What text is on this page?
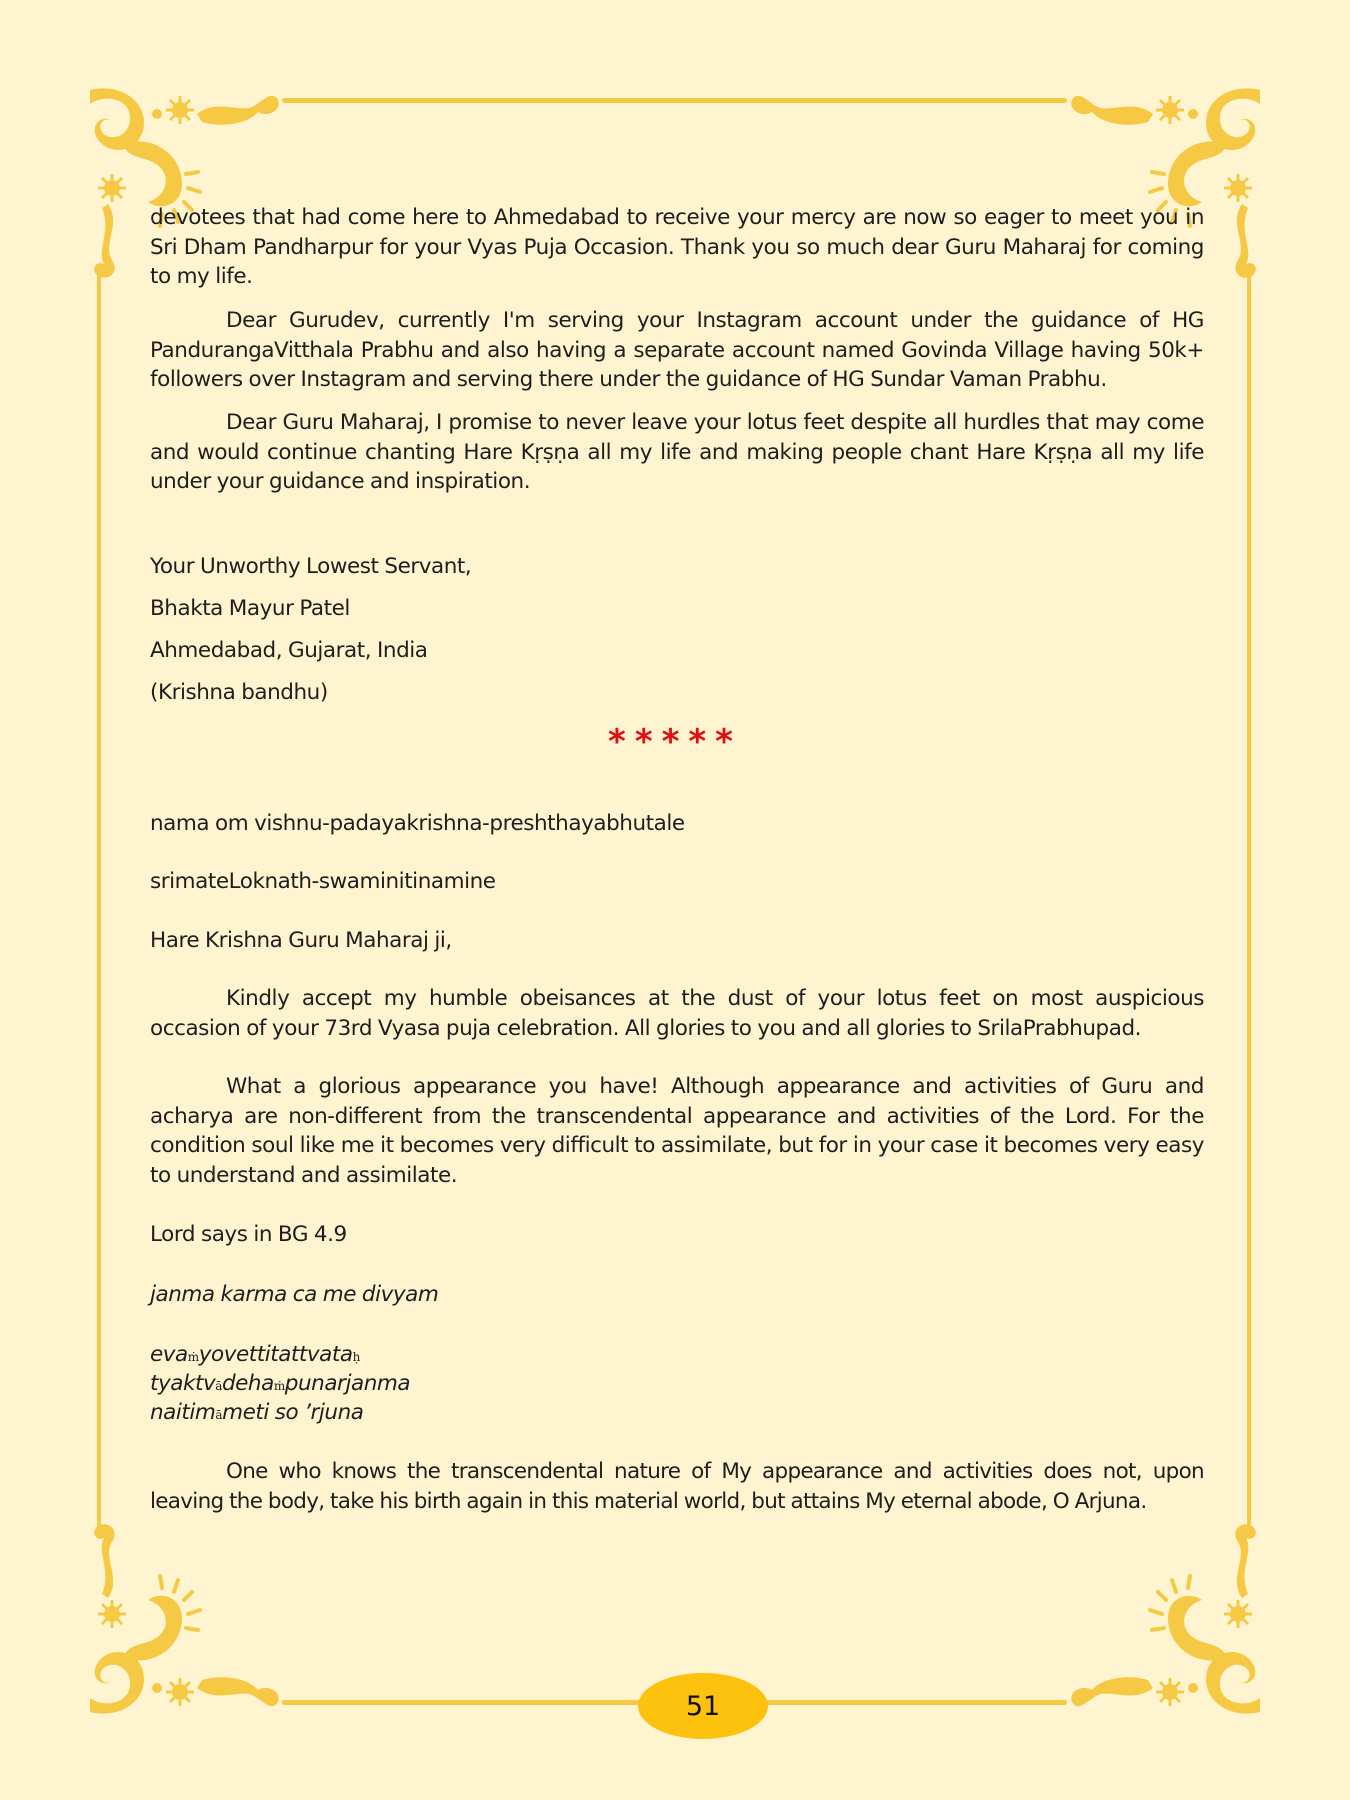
devotees that had come here to Ahmedabad to receive your mercy are now so eager to meet you in Sri Dham Pandharpur for your Vyas Puja Occasion. Thank you so much dear Guru Maharaj for coming to my life.

Dear Gurudev, currently I'm serving your Instagram account under the guidance of HG PandurangaVitthala Prabhu and also having a separate account named Govinda Village having 50k+ followers over Instagram and serving there under the guidance of HG Sundar Vaman Prabhu.

Dear Guru Maharaj, I promise to never leave your lotus feet despite all hurdles that may come and would continue chanting Hare Kṛṣṇa all my life and making people chant Hare Kṛṣṇa all my life under your guidance and inspiration.

Your Unworthy Lowest Servant,
Bhakta Mayur Patel
Ahmedabad, Gujarat, India
(Krishna bandhu)
*****
nama om vishnu-padayakrishna-preshthayabhutale
srimateLoknath-swaminitinamine
Hare Krishna Guru Maharaj ji,

Kindly accept my humble obeisances at the dust of your lotus feet on most auspicious occasion of your 73rd Vyasa puja celebration. All glories to you and all glories to SrilaPrabhupad.

What a glorious appearance you have! Although appearance and activities of Guru and acharya are non-different from the transcendental appearance and activities of the Lord. For the condition soul like me it becomes very difficult to assimilate, but for in your case it becomes very easy to understand and assimilate.

Lord says in BG 4.9
janma karma ca me divyam
evaṁyovettitattvataḥ
tyaktvādehaṁpunarjanma
naitimāmeti so ’rjuna

One who knows the transcendental nature of My appearance and activities does not, upon leaving the body, take his birth again in this material world, but attains My eternal abode, O Arjuna.

51
